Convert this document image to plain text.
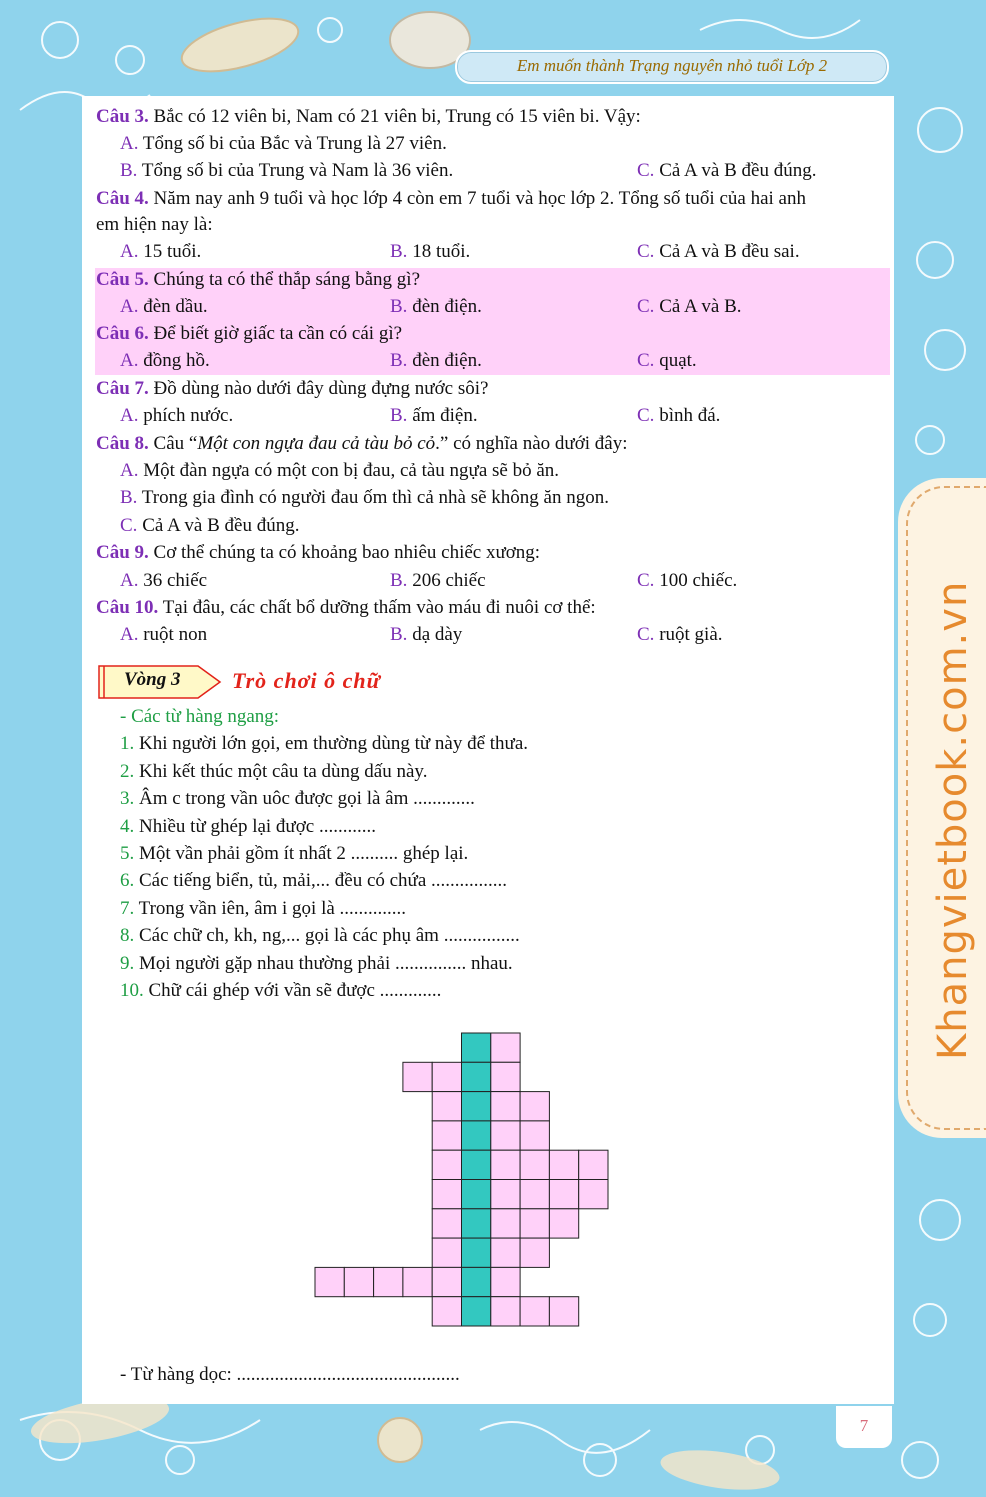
Em muốn thành Trạng nguyên nhỏ tuổi Lớp 2
Khangvietbook.com.vn
7
Câu 3. Bắc có 12 viên bi, Nam có 21 viên bi, Trung có 15 viên bi. Vậy:
A. Tổng số bi của Bắc và Trung là 27 viên.
B. Tổng số bi của Trung và Nam là 36 viên.	C. Cả A và B đều đúng.
Câu 4. Năm nay anh 9 tuổi và học lớp 4 còn em 7 tuổi và học lớp 2. Tổng số tuổi của hai anh
em hiện nay là:
A. 15 tuổi.	B. 18 tuổi.	C. Cả A và B đều sai.
Câu 5. Chúng ta có thể thắp sáng bằng gì?
A. đèn dầu.	B. đèn điện.	C. Cả A và B.
Câu 6. Để biết giờ giấc ta cần có cái gì?
A. đồng hồ.	B. đèn điện.	C. quạt.
Câu 7. Đồ dùng nào dưới đây dùng đựng nước sôi?
A. phích nước.	B. ấm điện.	C. bình đá.
Câu 8. Câu “Một con ngựa đau cả tàu bỏ cỏ.” có nghĩa nào dưới đây:
A. Một đàn ngựa có một con bị đau, cả tàu ngựa sẽ bỏ ăn.
B. Trong gia đình có người đau ốm thì cả nhà sẽ không ăn ngon.
C. Cả A và B đều đúng.
Câu 9. Cơ thể chúng ta có khoảng bao nhiêu chiếc xương:
A. 36 chiếc	B. 206 chiếc	C. 100 chiếc.
Câu 10. Tại đâu, các chất bổ dưỡng thấm vào máu đi nuôi cơ thể:
A. ruột non	B. dạ dày	C. ruột già.
Vòng 3 Trò chơi ô chữ
- Các từ hàng ngang:
1. Khi người lớn gọi, em thường dùng từ này để thưa.
2. Khi kết thúc một câu ta dùng dấu này.
3. Âm c trong vần uôc được gọi là âm .............
4. Nhiều từ ghép lại được ............
5. Một vần phải gồm ít nhất 2 .......... ghép lại.
6. Các tiếng biển, tủ, mải,... đều có chứa ................
7. Trong vần iên, âm i gọi là ..............
8. Các chữ ch, kh, ng,... gọi là các phụ âm ................
9. Mọi người gặp nhau thường phải ............... nhau.
10. Chữ cái ghép với vần sẽ được .............
- Từ hàng dọc: ...............................................
